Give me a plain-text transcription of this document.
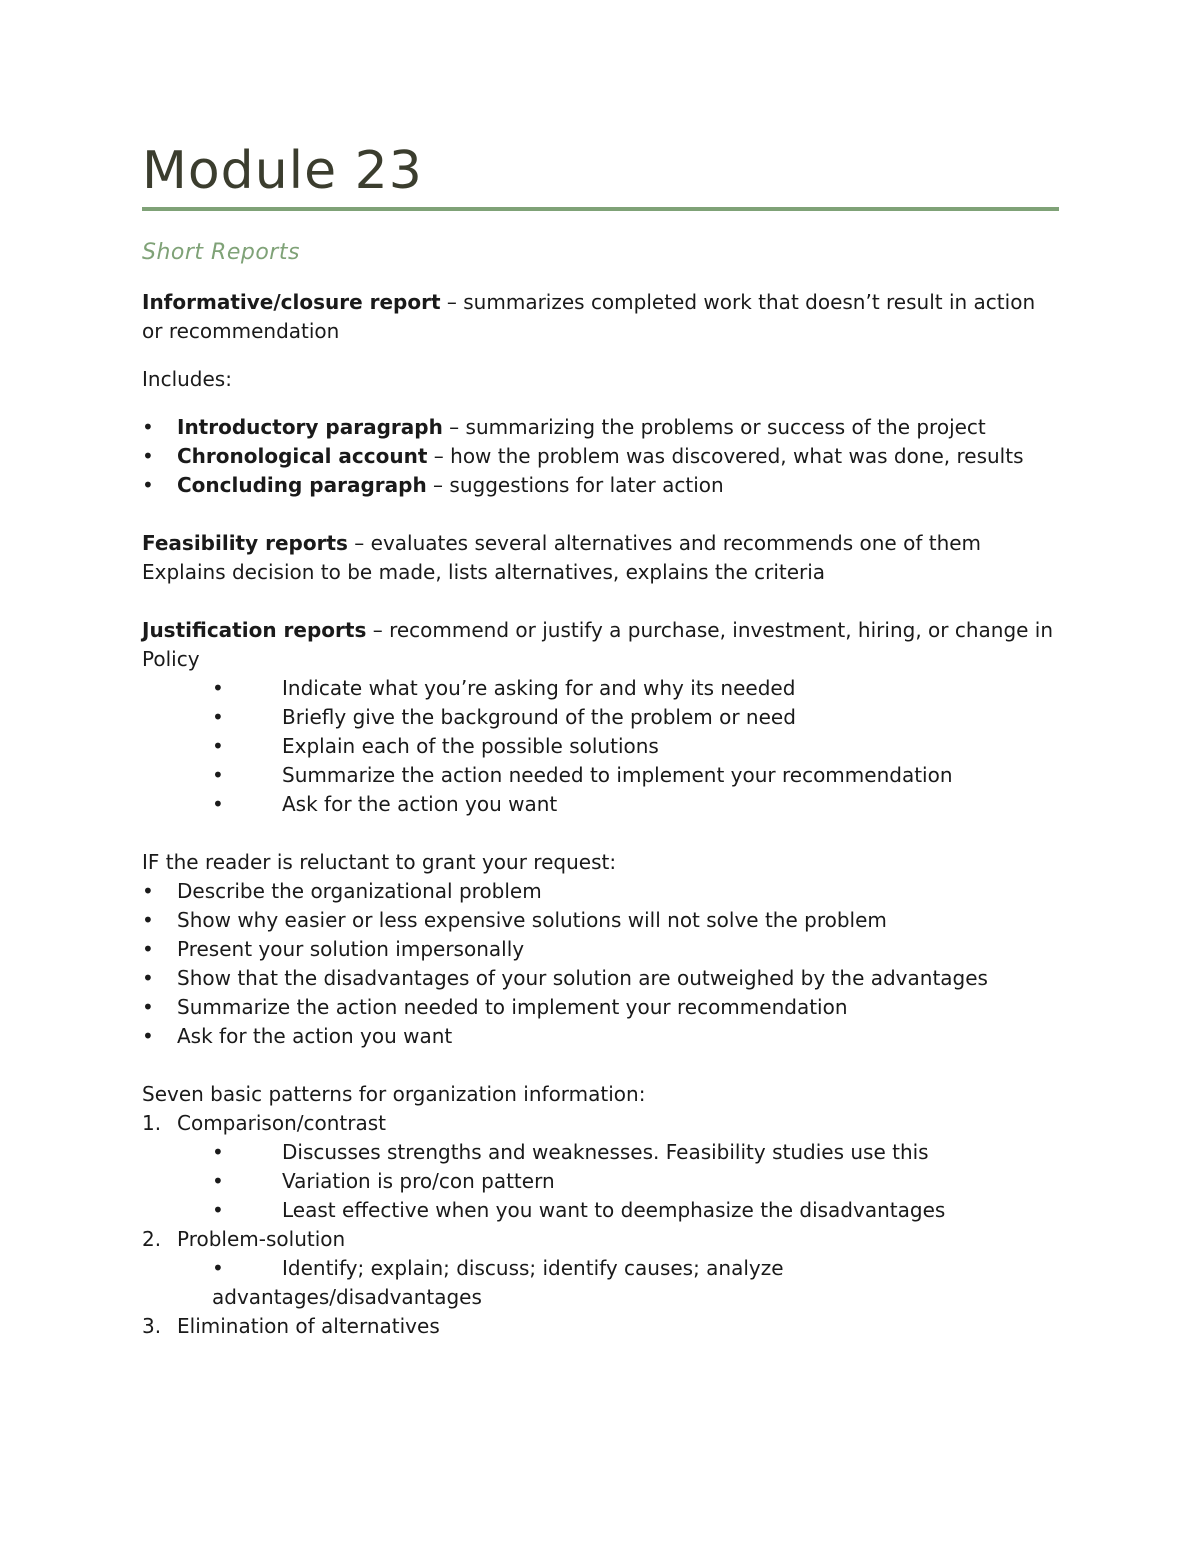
Module 23
Short Reports

Informative/closure report – summarizes completed work that doesn’t result in action or recommendation

Includes:

• Introductory paragraph – summarizing the problems or success of the project

• Chronological account – how the problem was discovered, what was done, results

• Concluding paragraph – suggestions for later action

Feasibility reports – evaluates several alternatives and recommends one of them

Explains decision to be made, lists alternatives, explains the criteria

Justification reports – recommend or justify a purchase, investment, hiring, or change in

Policy

•	Indicate what you’re asking for and why its needed

•	Briefly give the background of the problem or need

•	Explain each of the possible solutions

•	Summarize the action needed to implement your recommendation

•	Ask for the action you want

IF the reader is reluctant to grant your request:

• Describe the organizational problem

• Show why easier or less expensive solutions will not solve the problem

• Present your solution impersonally

• Show that the disadvantages of your solution are outweighed by the advantages

• Summarize the action needed to implement your recommendation

• Ask for the action you want

Seven basic patterns for organization information:

1. Comparison/contrast

•	Discusses strengths and weaknesses. Feasibility studies use this

•	Variation is pro/con pattern

•	Least effective when you want to deemphasize the disadvantages

2. Problem-solution

•	Identify; explain; discuss; identify causes; analyze

advantages/disadvantages

3. Elimination of alternatives
